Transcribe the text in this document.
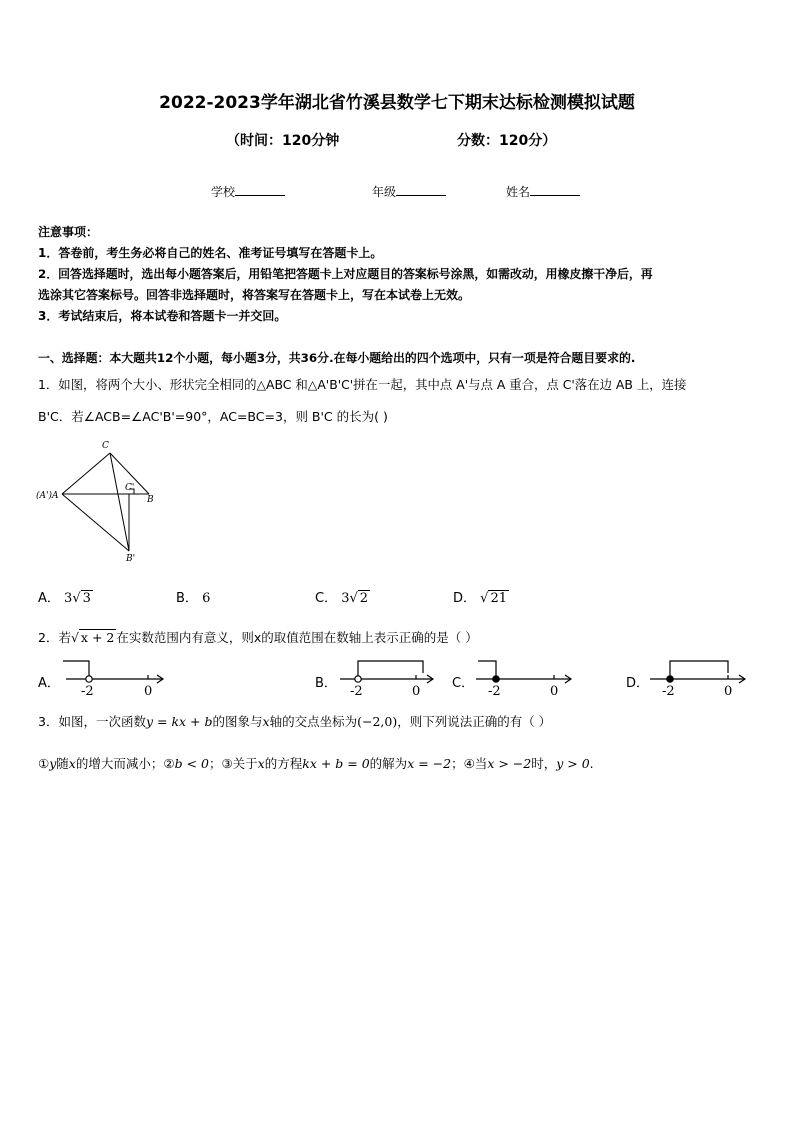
2022-2023学年湖北省竹溪县数学七下期末达标检测模拟试题
（时间：120分钟	分数：120分）
学校	年级	姓名
注意事项：
1．答卷前，考生务必将自己的姓名、准考证号填写在答题卡上。
2．回答选择题时，选出每小题答案后，用铅笔把答题卡上对应题目的答案标号涂黑，如需改动，用橡皮擦干净后，再
选涂其它答案标号。回答非选择题时，将答案写在答题卡上，写在本试卷上无效。
3．考试结束后，将本试卷和答题卡一并交回。
一、选择题：本大题共12个小题，每小题3分，共36分.在每小题给出的四个选项中，只有一项是符合题目要求的.
1．如图，将两个大小、形状完全相同的△ABC 和△A'B'C'拼在一起，其中点 A'与点 A 重合，点 C'落在边 AB 上，连接
B'C．若∠ACB=∠AC'B'=90°，AC=BC=3，则 B'C 的长为( )
C
C'
(A')A	B
B'
A． 3√ 3	B． 6	C． 3√ 2	D． √ 21
2．若√ x + 2 在实数范围内有意义，则x的取值范围在数轴上表示正确的是（ ）
A．
-2	0
B．
-2	0
C．
-2	0
D．
-2	0
3．如图，一次函数y = kx + b的图象与x轴的交点坐标为(−2,0)，则下列说法正确的有（ ）
①y随x的增大而减小；②b < 0；③关于x的方程kx + b = 0的解为x = −2；④当x > −2时，y > 0.
